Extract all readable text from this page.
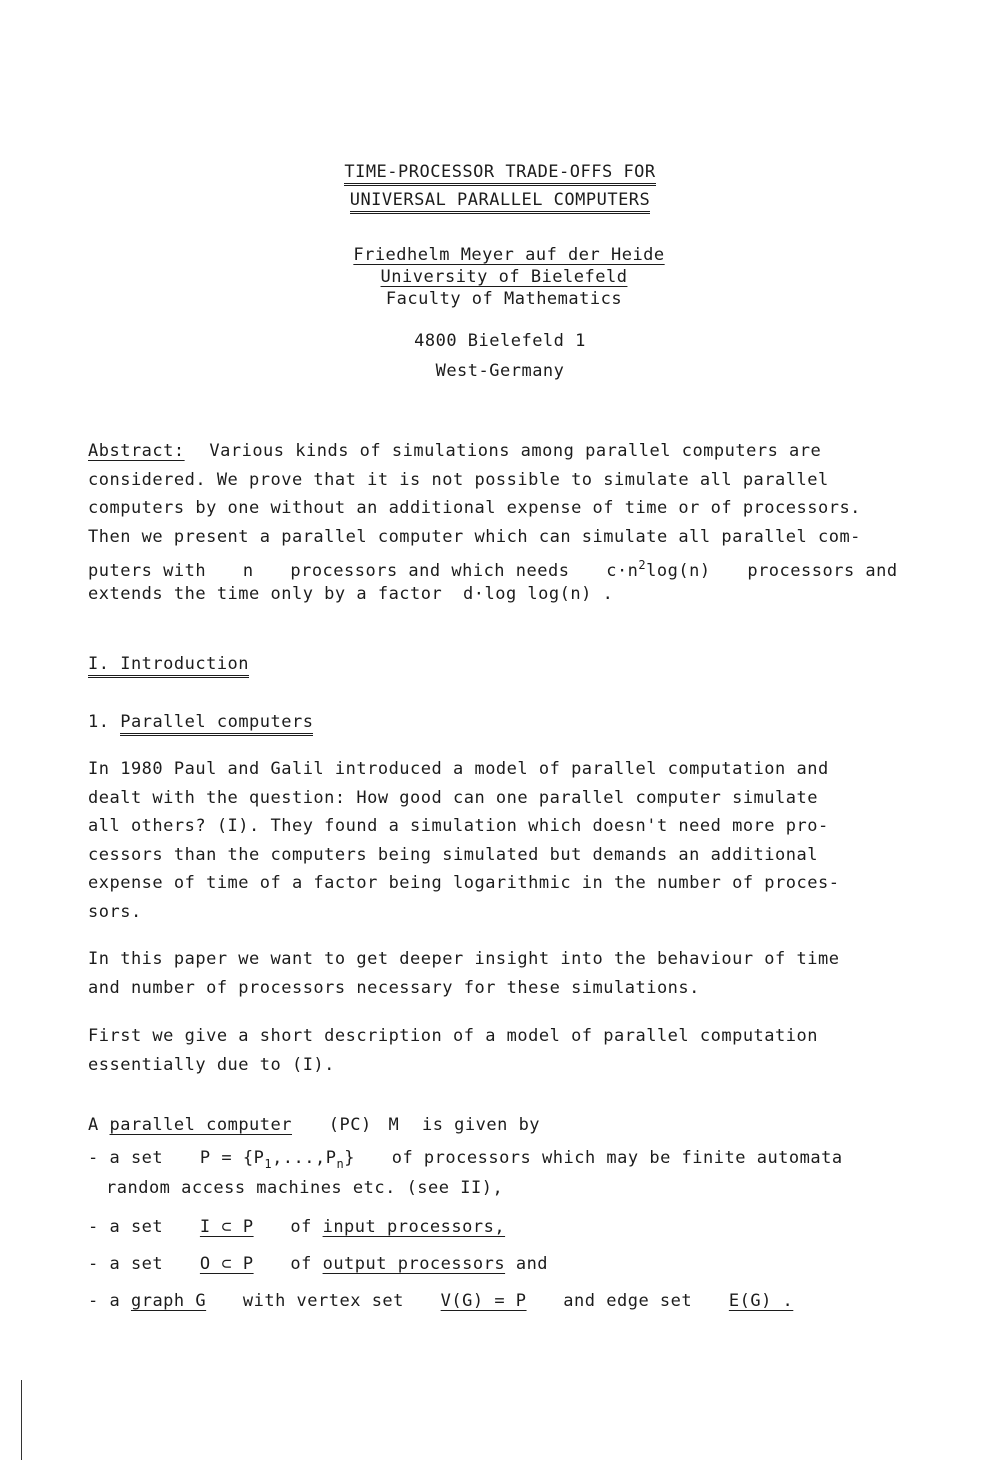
TIME-PROCESSOR TRADE-OFFS FOR
UNIVERSAL PARALLEL COMPUTERS
Friedhelm Meyer auf der Heide
University of Bielefeld
Faculty of Mathematics
4800 Bielefeld 1
West-Germany
Abstract: Various kinds of simulations among parallel computers are
considered. We prove that it is not possible to simulate all parallel
computers by one without an additional expense of time or of processors.
Then we present a parallel computer which can simulate all parallel com-
puters with n processors and which needs $c\cdot n^2\log(n)$ processors and
extends the time only by a factor d·log log(n) .
I. Introduction
1. Parallel computers
In 1980 Paul and Galil introduced a model of parallel computation and
dealt with the question: How good can one parallel computer simulate
all others? (I). They found a simulation which doesn't need more pro-
cessors than the computers being simulated but demands an additional
expense of time of a factor being logarithmic in the number of proces-
sors.
In this paper we want to get deeper insight into the behaviour of time
and number of processors necessary for these simulations.
First we give a short description of a model of parallel computation
essentially due to (I).
A parallel computer (PC) M is given by
- a set $P = \{P_1,...,P_n\}$ of processors which may be finite automata
random access machines etc. (see II),
- a set I ⊂ P of input processors,
- a set O ⊂ P of output processors and
- a graph G with vertex set V(G) = P and edge set E(G) .
